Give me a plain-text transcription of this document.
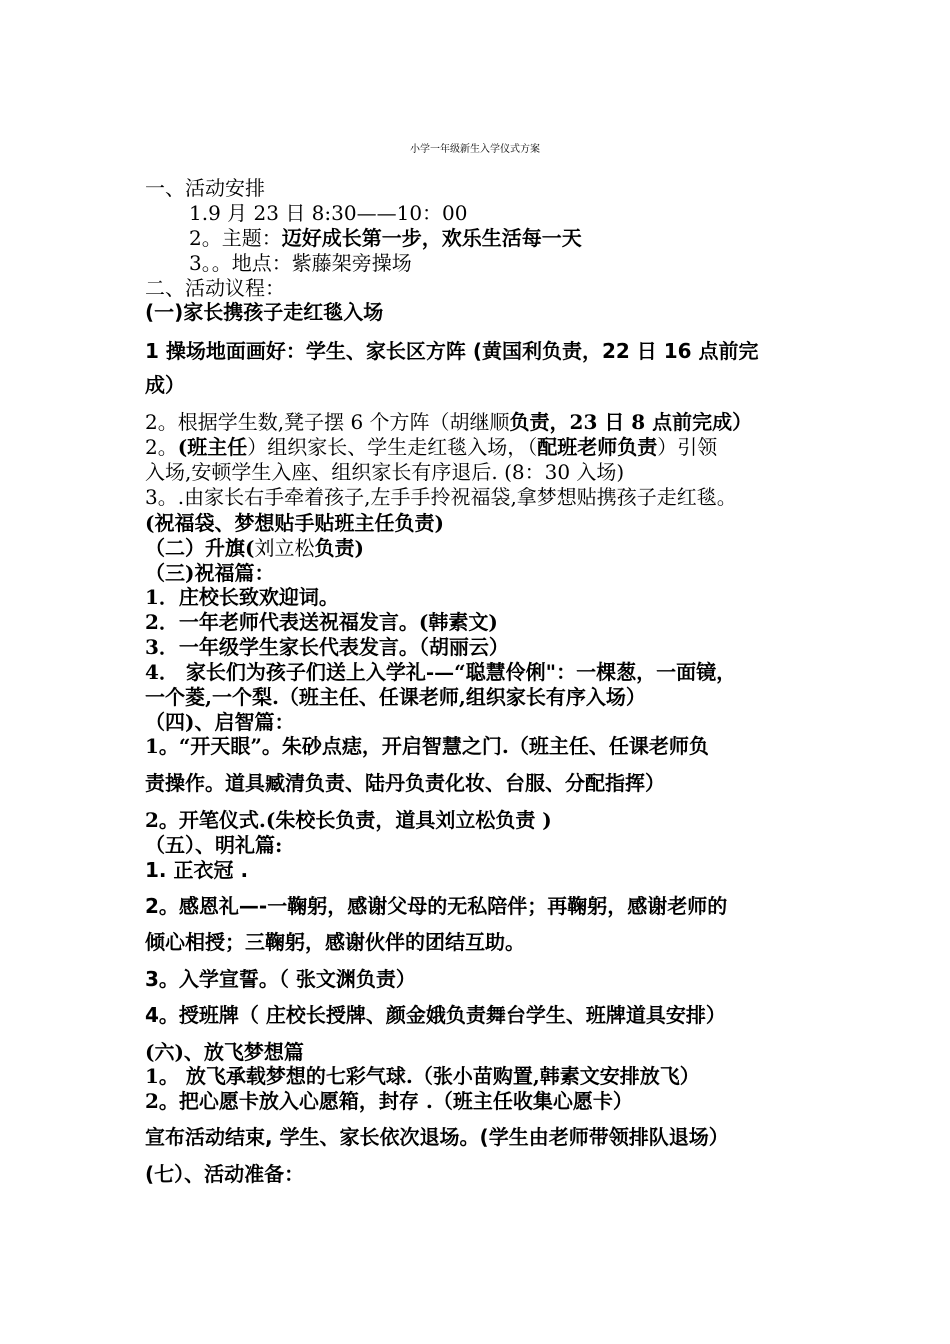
小学一年级新生入学仪式方案
一、活动安排
1.9 月 23 日 8:30——10：00
2。主题：迈好成长第一步，欢乐生活每一天
3。。地点：紫藤架旁操场
二、活动议程：
(一)家长携孩子走红毯入场
1 操场地面画好：学生、家长区方阵 (黄国利负责，22 日 16 点前完
成）
2。根据学生数,凳子摆 6 个方阵（胡继顺负责，23 日 8 点前完成）
2。(班主任）组织家长、学生走红毯入场，（配班老师负责）引领
入场,安顿学生入座、组织家长有序退后. (8：30 入场)
3。.由家长右手牵着孩子,左手手拎祝福袋,拿梦想贴携孩子走红毯。
(祝福袋、梦想贴手贴班主任负责)
（二）升旗(刘立松负责)
（三)祝福篇：
1．庄校长致欢迎词。
2．一年老师代表送祝福发言。(韩素文)
3．一年级学生家长代表发言。（胡丽云）
4． 家长们为孩子们送上入学礼-—“聪慧伶俐"：一棵葱，一面镜，
一个菱,一个梨.（班主任、任课老师,组织家长有序入场）
（四)、启智篇：
1。“开天眼”。朱砂点痣，开启智慧之门.（班主任、任课老师负
责操作。道具臧清负责、陆丹负责化妆、台服、分配指挥）
2。开笔仪式.(朱校长负责，道具刘立松负责 )
（五）、明礼篇:
1. 正衣冠 .
2。感恩礼—-一鞠躬，感谢父母的无私陪伴；再鞠躬，感谢老师的
倾心相授；三鞠躬，感谢伙伴的团结互助。
3。入学宣誓。（ 张文渊负责）
4。授班牌（ 庄校长授牌、颜金娥负责舞台学生、班牌道具安排）
(六)、放飞梦想篇
1。 放飞承载梦想的七彩气球.（张小苗购置,韩素文安排放飞）
2。把心愿卡放入心愿箱，封存 .（班主任收集心愿卡）
宣布活动结束, 学生、家长依次退场。(学生由老师带领排队退场）
(七）、活动准备：
